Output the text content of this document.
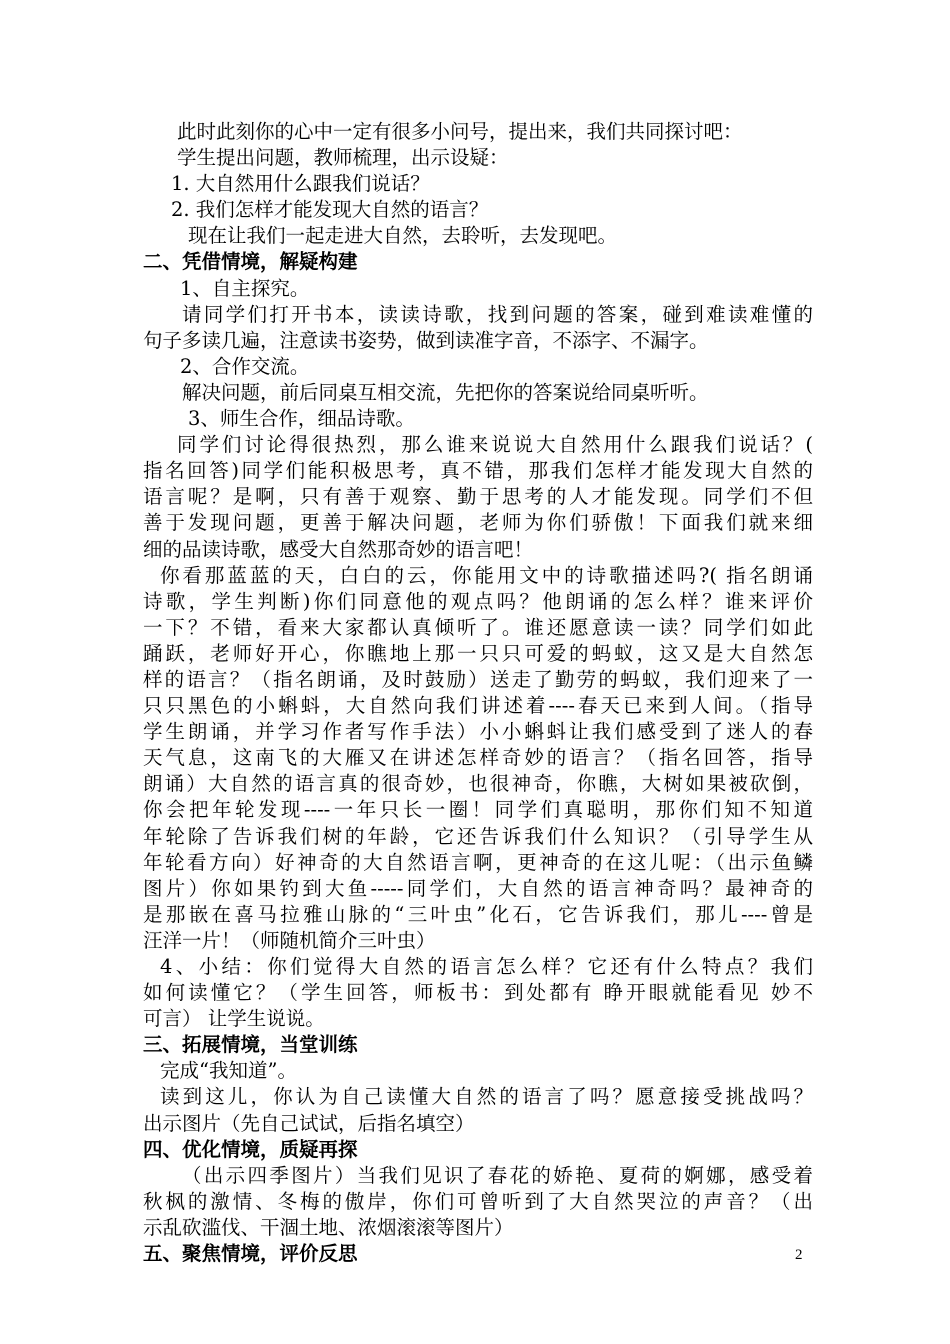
此时此刻你的心中一定有很多小问号，提出来，我们共同探讨吧：
学生提出问题，教师梳理，出示设疑：
1. 大自然用什么跟我们说话？
2. 我们怎样才能发现大自然的语言？
现在让我们一起走进大自然，去聆听，去发现吧。
二、凭借情境，解疑构建
1、自主探究。
请同学们打开书本，读读诗歌，找到问题的答案，碰到难读难懂的
句子多读几遍，注意读书姿势，做到读准字音，不添字、不漏字。
2、合作交流。
解决问题，前后同桌互相交流，先把你的答案说给同桌听听。
3、师生合作，细品诗歌。
同学们讨论得很热烈，那么谁来说说大自然用什么跟我们说话？(
指名回答)同学们能积极思考，真不错，那我们怎样才能发现大自然的
语言呢？是啊，只有善于观察、勤于思考的人才能发现。同学们不但
善于发现问题，更善于解决问题，老师为你们骄傲！下面我们就来细
细的品读诗歌，感受大自然那奇妙的语言吧！
你看那蓝蓝的天，白白的云，你能用文中的诗歌描述吗?( 指名朗诵
诗歌，学生判断)你们同意他的观点吗？他朗诵的怎么样？谁来评价
一下？不错，看来大家都认真倾听了。谁还愿意读一读？同学们如此
踊跃，老师好开心，你瞧地上那一只只可爱的蚂蚁，这又是大自然怎
样的语言？（指名朗诵，及时鼓励）送走了勤劳的蚂蚁，我们迎来了一
只只黑色的小蝌蚪，大自然向我们讲述着----春天已来到人间。（指导
学生朗诵，并学习作者写作手法）小小蝌蚪让我们感受到了迷人的春
天气息，这南飞的大雁又在讲述怎样奇妙的语言？（指名回答，指导
朗诵）大自然的语言真的很奇妙，也很神奇，你瞧，大树如果被砍倒，
你会把年轮发现----一年只长一圈！同学们真聪明，那你们知不知道
年轮除了告诉我们树的年龄，它还告诉我们什么知识？（引导学生从
年轮看方向）好神奇的大自然语言啊，更神奇的在这儿呢：（出示鱼鳞
图片）你如果钓到大鱼-----同学们，大自然的语言神奇吗？最神奇的
是那嵌在喜马拉雅山脉的“三叶虫”化石，它告诉我们，那儿----曾是
汪洋一片！（师随机简介三叶虫）
4、小结：你们觉得大自然的语言怎么样？它还有什么特点？我们
如何读懂它？（学生回答，师板书：到处都有 睁开眼就能看见 妙不
可言） 让学生说说。
三、拓展情境，当堂训练
完成“我知道”。
读到这儿，你认为自己读懂大自然的语言了吗？愿意接受挑战吗？
出示图片（先自己试试，后指名填空）
四、优化情境，质疑再探
（出示四季图片）当我们见识了春花的娇艳、夏荷的婀娜，感受着
秋枫的激情、冬梅的傲岸，你们可曾听到了大自然哭泣的声音？（出
示乱砍滥伐、干涸土地、浓烟滚滚等图片）
五、聚焦情境，评价反思	2
